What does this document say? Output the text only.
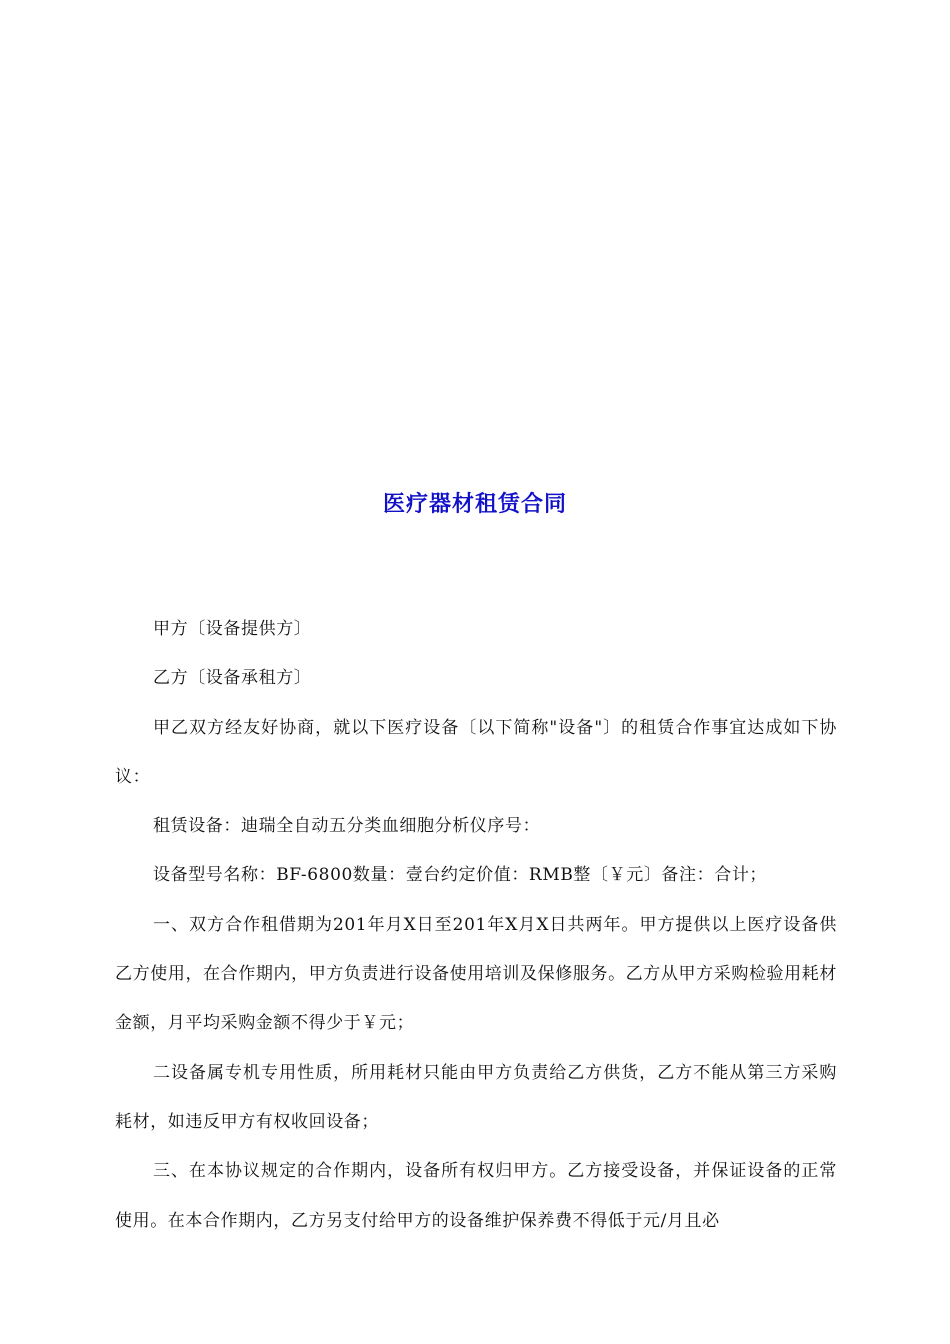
医疗器材租赁合同

甲方〔设备提供方〕

乙方〔设备承租方〕

甲乙双方经友好协商，就以下医疗设备〔以下简称"设备"〕的租赁合作事宜达成如下协议：

租赁设备：迪瑞全自动五分类血细胞分析仪序号：

设备型号名称：BF-6800数量：壹台约定价值：RMB整〔￥元〕备注：合计；

一、双方合作租借期为201年月X日至201年X月X日共两年。甲方提供以上医疗设备供乙方使用，在合作期内，甲方负责进行设备使用培训及保修服务。乙方从甲方采购检验用耗材金额，月平均采购金额不得少于￥元；

二设备属专机专用性质，所用耗材只能由甲方负责给乙方供货，乙方不能从第三方采购耗材，如违反甲方有权收回设备；

三、在本协议规定的合作期内，设备所有权归甲方。乙方接受设备，并保证设备的正常使用。在本合作期内，乙方另支付给甲方的设备维护保养费不得低于元/月且必
